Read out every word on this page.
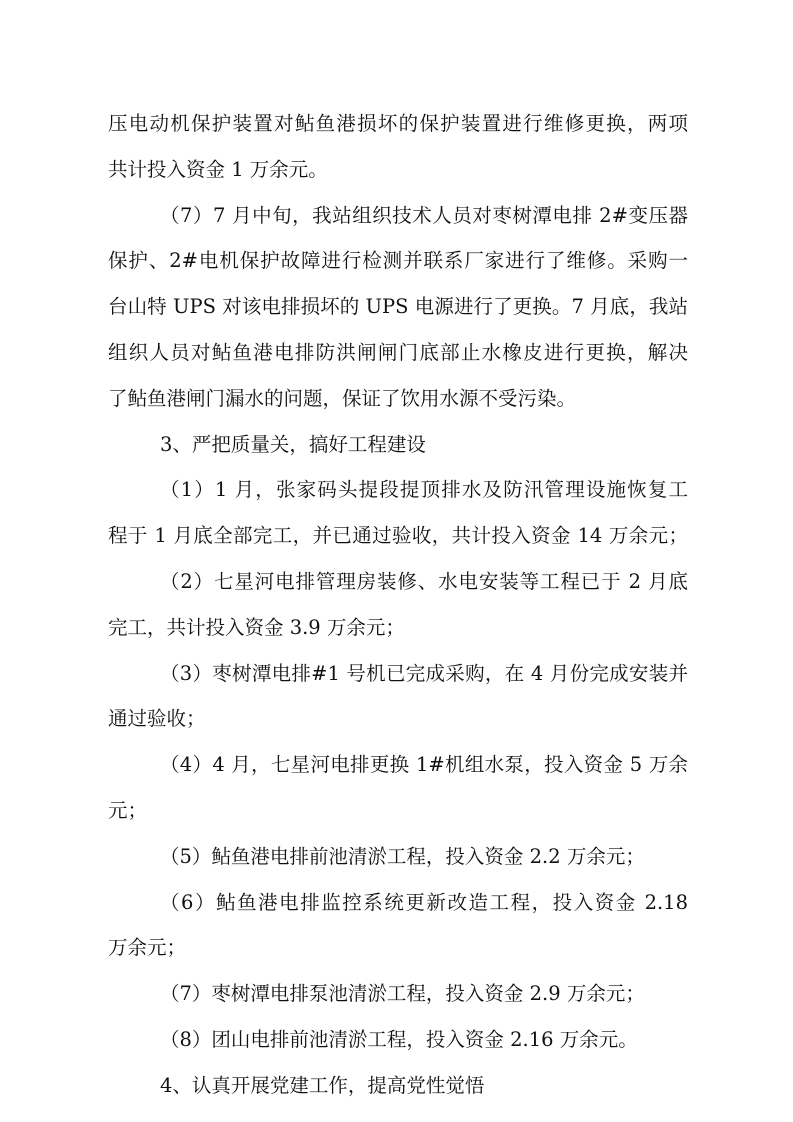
压电动机保护装置对鲇鱼港损坏的保护装置进行维修更换，两项
共计投入资金 1 万余元。
（7）7 月中旬，我站组织技术人员对枣树潭电排 2#变压器
保护、2#电机保护故障进行检测并联系厂家进行了维修。采购一
台山特 UPS 对该电排损坏的 UPS 电源进行了更换。7 月底，我站
组织人员对鲇鱼港电排防洪闸闸门底部止水橡皮进行更换，解决
了鲇鱼港闸门漏水的问题，保证了饮用水源不受污染。
3、严把质量关，搞好工程建设
（1）1 月，张家码头提段提顶排水及防汛管理设施恢复工
程于 1 月底全部完工，并已通过验收，共计投入资金 14 万余元；
（2）七星河电排管理房装修、水电安装等工程已于 2 月底
完工，共计投入资金 3.9 万余元；
（3）枣树潭电排#1 号机已完成采购，在 4 月份完成安装并
通过验收；
（4）4 月，七星河电排更换 1#机组水泵，投入资金 5 万余
元；
（5）鲇鱼港电排前池清淤工程，投入资金 2.2 万余元；
（6）鲇鱼港电排监控系统更新改造工程，投入资金 2.18
万余元；
（7）枣树潭电排泵池清淤工程，投入资金 2.9 万余元；
（8）团山电排前池清淤工程，投入资金 2.16 万余元。
4、认真开展党建工作，提高党性觉悟
